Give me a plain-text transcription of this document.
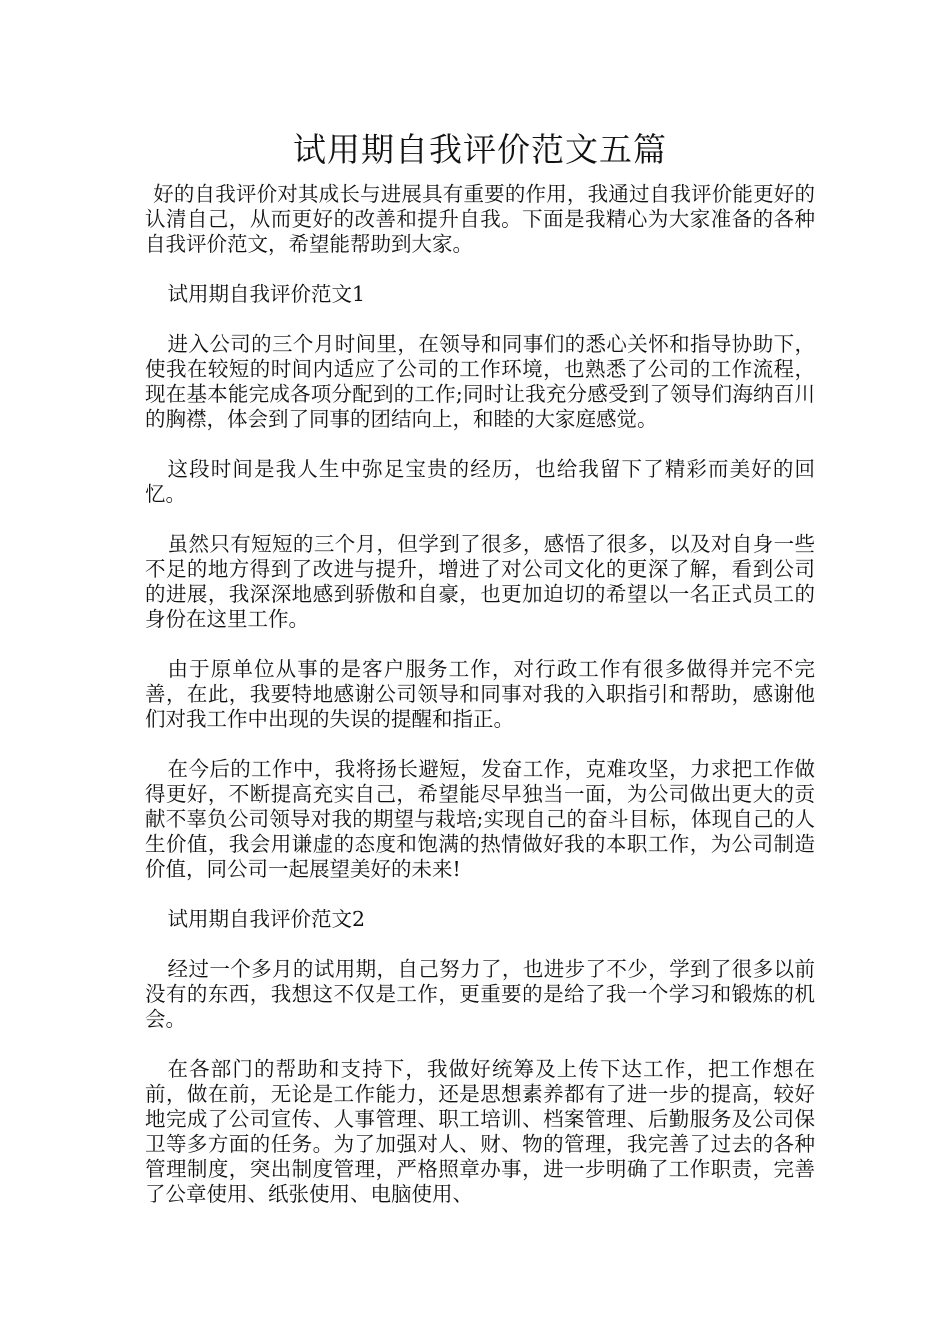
试用期自我评价范文五篇

好的自我评价对其成长与进展具有重要的作用，我通过自我评价能更好的认清自己，从而更好的改善和提升自我。下面是我精心为大家准备的各种自我评价范文，希望能帮助到大家。

试用期自我评价范文1

进入公司的三个月时间里，在领导和同事们的悉心关怀和指导协助下，使我在较短的时间内适应了公司的工作环境，也熟悉了公司的工作流程，现在基本能完成各项分配到的工作;同时让我充分感受到了领导们海纳百川的胸襟，体会到了同事的团结向上，和睦的大家庭感觉。

这段时间是我人生中弥足宝贵的经历，也给我留下了精彩而美好的回忆。

虽然只有短短的三个月，但学到了很多，感悟了很多，以及对自身一些不足的地方得到了改进与提升，增进了对公司文化的更深了解，看到公司的进展，我深深地感到骄傲和自豪，也更加迫切的希望以一名正式员工的身份在这里工作。

由于原单位从事的是客户服务工作，对行政工作有很多做得并完不完善，在此，我要特地感谢公司领导和同事对我的入职指引和帮助，感谢他们对我工作中出现的失误的提醒和指正。

在今后的工作中，我将扬长避短，发奋工作，克难攻坚，力求把工作做得更好，不断提高充实自己，希望能尽早独当一面，为公司做出更大的贡献不辜负公司领导对我的期望与栽培;实现自己的奋斗目标，体现自己的人生价值，我会用谦虚的态度和饱满的热情做好我的本职工作，为公司制造价值，同公司一起展望美好的未来!

试用期自我评价范文2

经过一个多月的试用期，自己努力了，也进步了不少，学到了很多以前没有的东西，我想这不仅是工作，更重要的是给了我一个学习和锻炼的机会。

在各部门的帮助和支持下，我做好统筹及上传下达工作，把工作想在前，做在前，无论是工作能力，还是思想素养都有了进一步的提高，较好地完成了公司宣传、人事管理、职工培训、档案管理、后勤服务及公司保卫等多方面的任务。为了加强对人、财、物的管理，我完善了过去的各种管理制度，突出制度管理，严格照章办事，进一步明确了工作职责，完善了公章使用、纸张使用、电脑使用、
